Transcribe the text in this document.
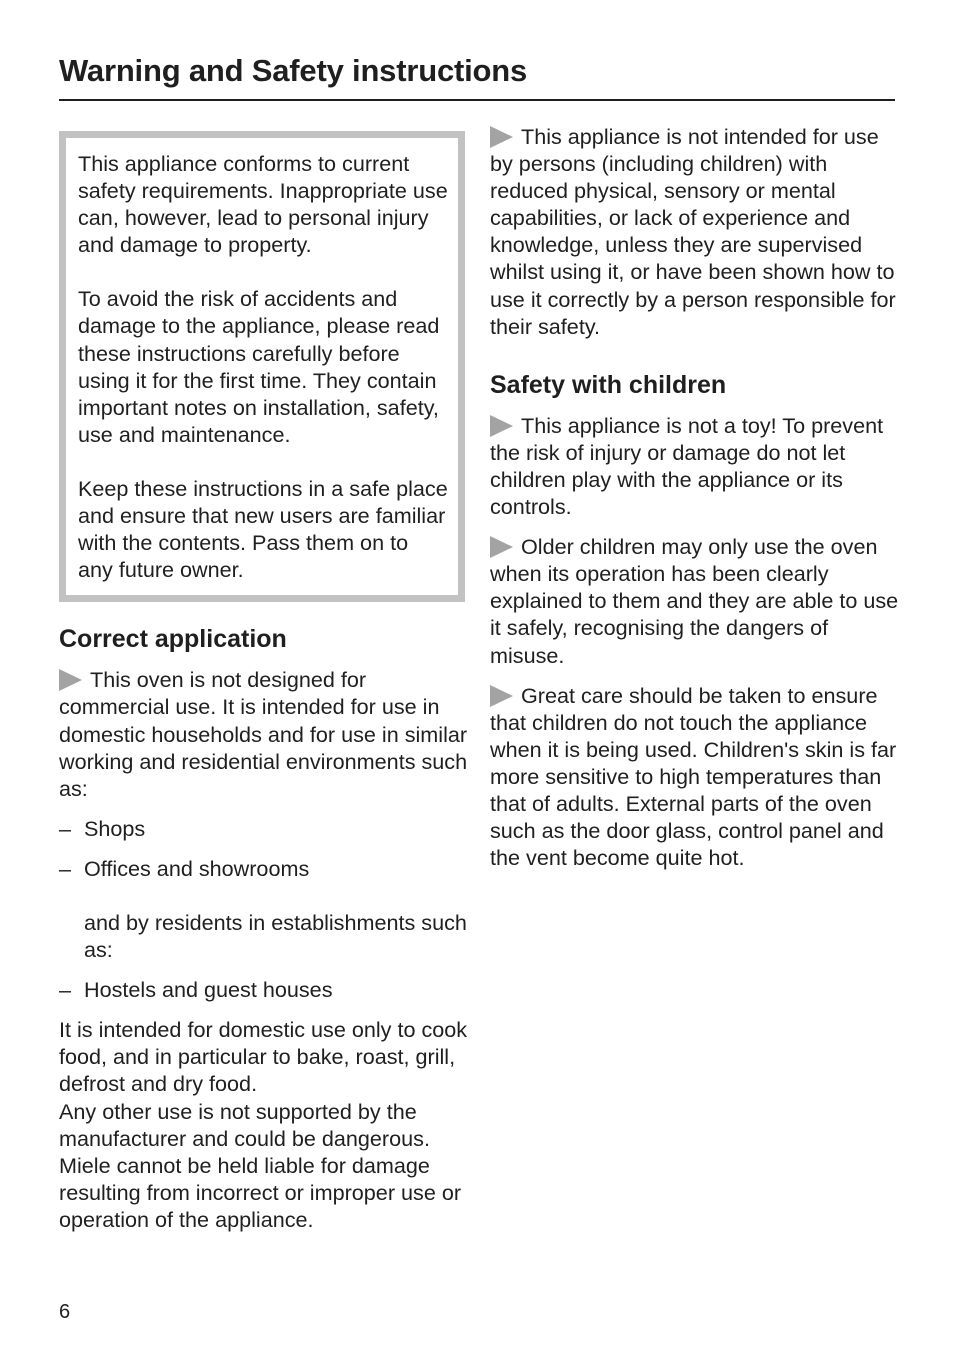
Warning and Safety instructions

This appliance conforms to current safety requirements. Inappropriate use can, however, lead to personal injury and damage to property.

To avoid the risk of accidents and damage to the appliance, please read these instructions carefully before using it for the first time. They contain important notes on installation, safety, use and maintenance.

Keep these instructions in a safe place and ensure that new users are familiar with the contents. Pass them on to any future owner.

Correct application

This oven is not designed for commercial use. It is intended for use in domestic households and for use in similar working and residential environments such as:

– Shops
– Offices and showrooms

and by residents in establishments such as:

– Hostels and guest houses

It is intended for domestic use only to cook food, and in particular to bake, roast, grill, defrost and dry food.

Any other use is not supported by the manufacturer and could be dangerous. Miele cannot be held liable for damage resulting from incorrect or improper use or operation of the appliance.

This appliance is not intended for use by persons (including children) with reduced physical, sensory or mental capabilities, or lack of experience and knowledge, unless they are supervised whilst using it, or have been shown how to use it correctly by a person responsible for their safety.

Safety with children

This appliance is not a toy! To prevent the risk of injury or damage do not let children play with the appliance or its controls.

Older children may only use the oven when its operation has been clearly explained to them and they are able to use it safely, recognising the dangers of misuse.

Great care should be taken to ensure that children do not touch the appliance when it is being used. Children's skin is far more sensitive to high temperatures than that of adults. External parts of the oven such as the door glass, control panel and the vent become quite hot.

6
